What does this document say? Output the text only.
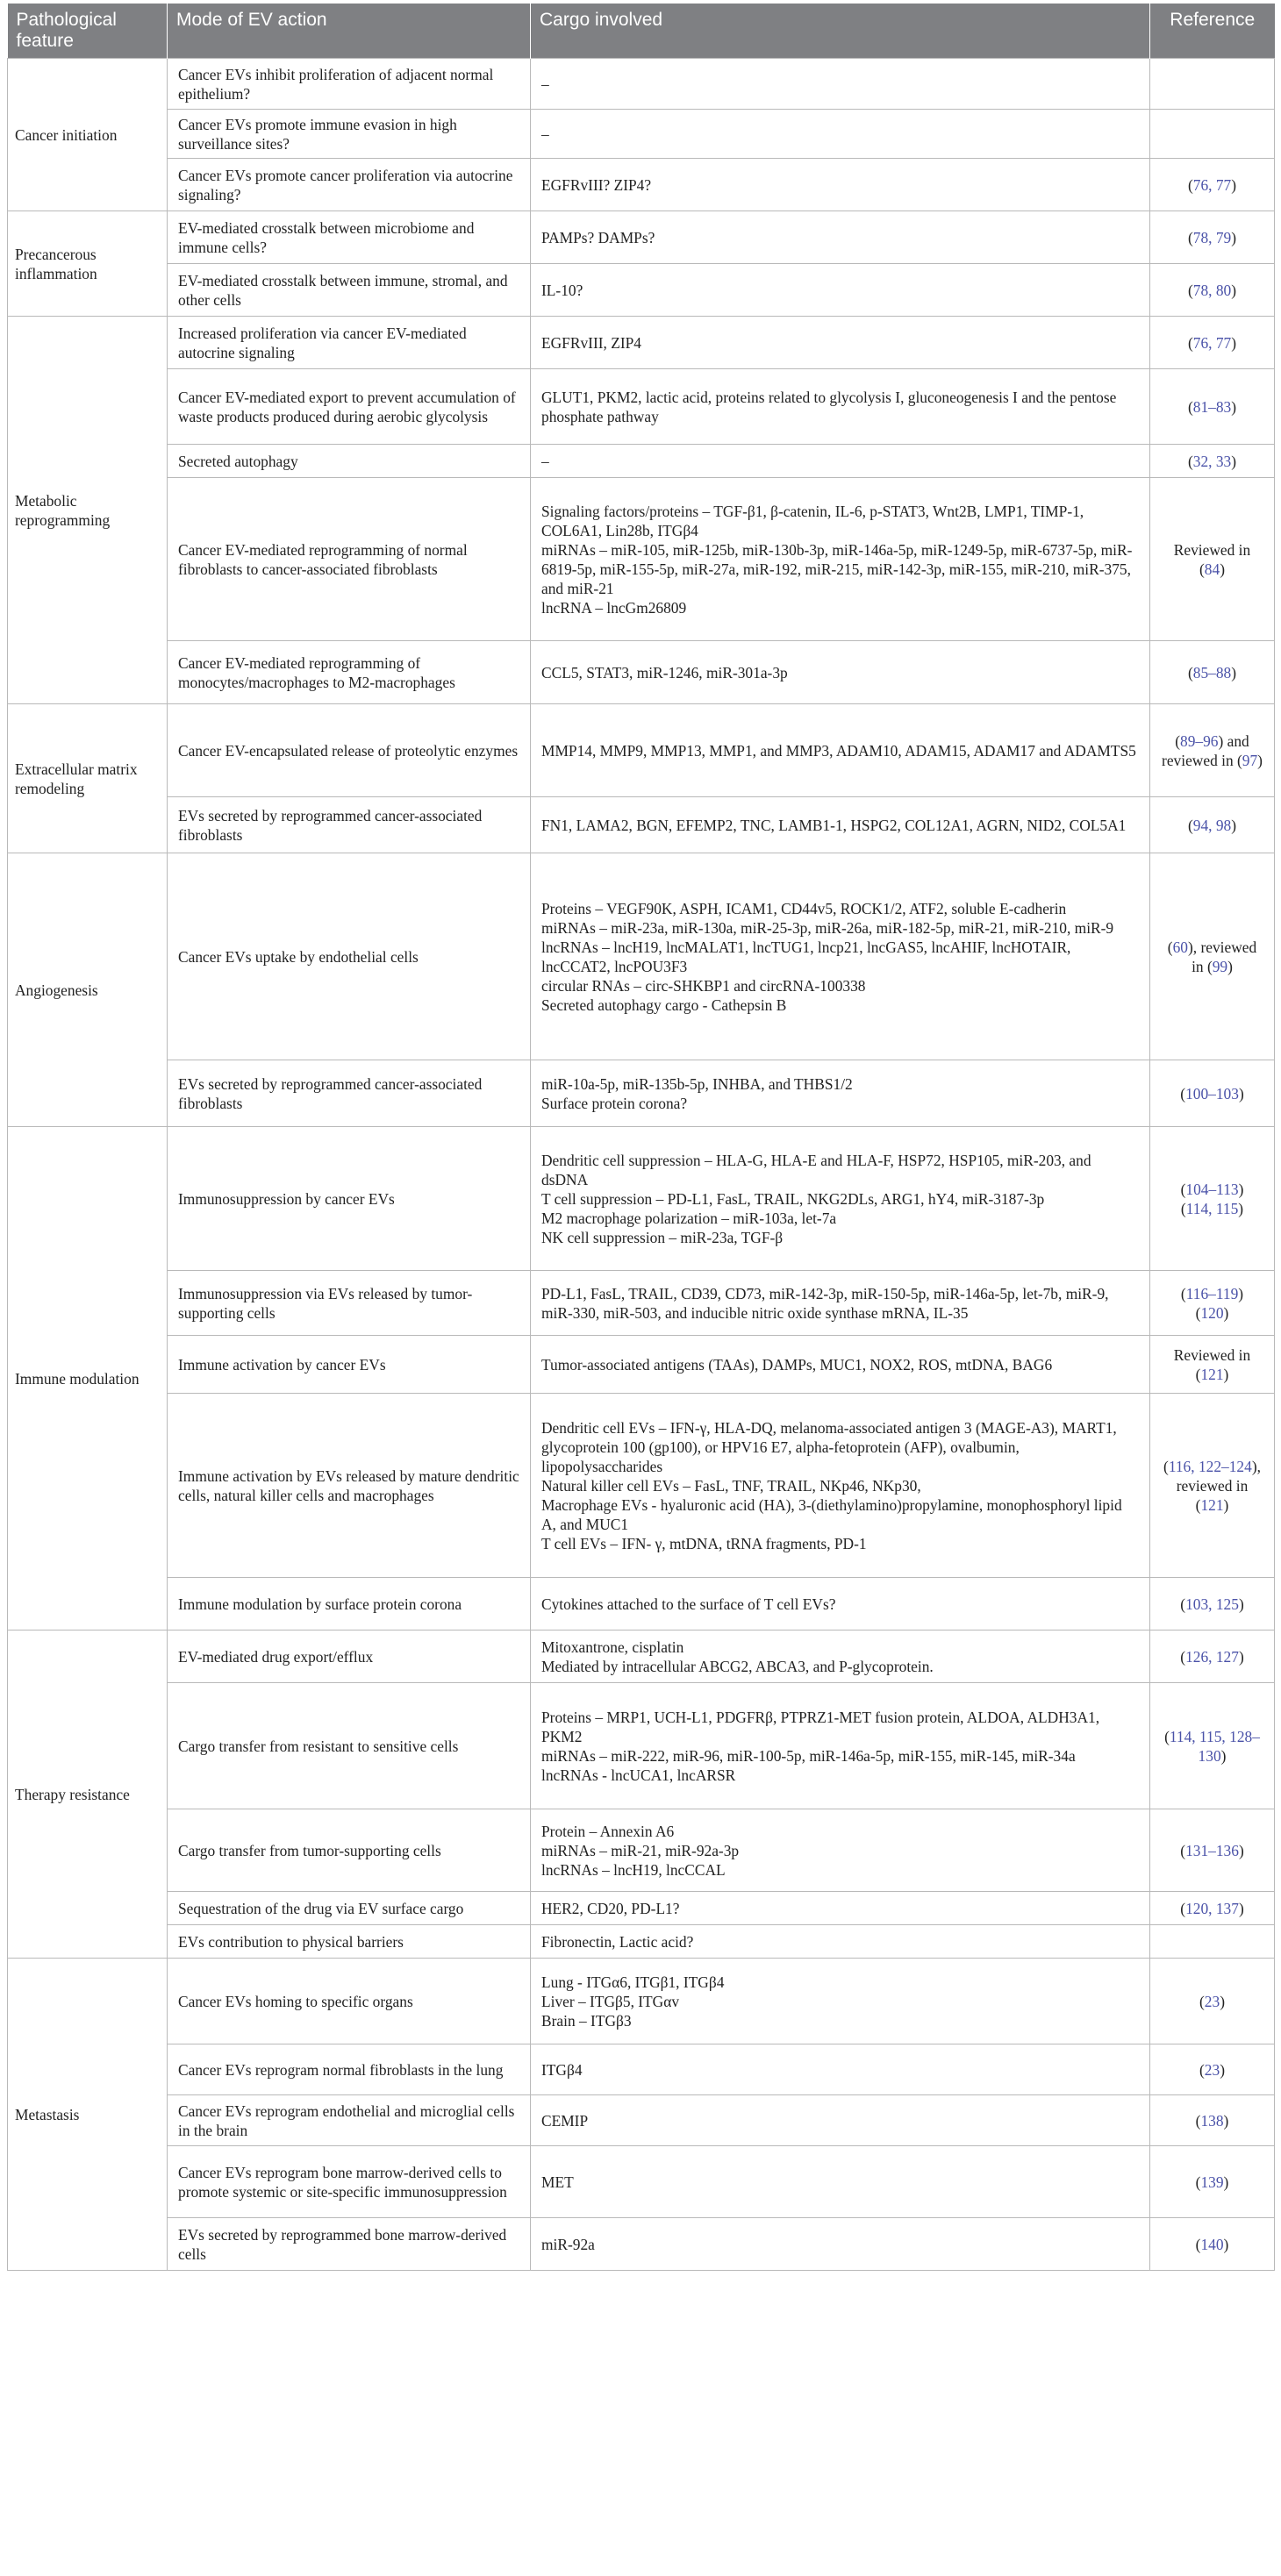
Pathological feature	Mode of EV action	Cargo involved	Reference
Cancer initiation	Cancer EVs inhibit proliferation of adjacent normal epithelium?	–	

	Cancer EVs promote immune evasion in high surveillance sites?	–	

	Cancer EVs promote cancer proliferation via autocrine signaling?	EGFRvIII? ZIP4?	(76, 77)

Precancerous inflammation	EV-mediated crosstalk between microbiome and immune cells?	PAMPs? DAMPs?	(78, 79)

	EV-mediated crosstalk between immune, stromal, and other cells	IL-10?	(78, 80)

Metabolic reprogramming	Increased proliferation via cancer EV-mediated autocrine signaling	EGFRvIII, ZIP4	(76, 77)

	Cancer EV-mediated export to prevent accumulation of waste products produced during aerobic glycolysis	GLUT1, PKM2, lactic acid, proteins related to glycolysis I, gluconeogenesis I and the pentose phosphate pathway	(81–83)

	Secreted autophagy	–	(32, 33)

	Cancer EV-mediated reprogramming of normal fibroblasts to cancer-associated fibroblasts	Signaling factors/proteins – TGF-β1, β-catenin, IL-6, p-STAT3, Wnt2B, LMP1, TIMP-1, COL6A1, Lin28b, ITGβ4
miRNAs – miR-105, miR-125b, miR-130b-3p, miR-146a-5p, miR-1249-5p, miR-6737-5p, miR-6819-5p, miR-155-5p, miR-27a, miR-192, miR-215, miR-142-3p, miR-155, miR-210, miR-375, and miR-21
lncRNA – lncGm26809	Reviewed in (84)

	Cancer EV-mediated reprogramming of monocytes/macrophages to M2-macrophages	CCL5, STAT3, miR-1246, miR-301a-3p	(85–88)

Extracellular matrix remodeling	Cancer EV-encapsulated release of proteolytic enzymes	MMP14, MMP9, MMP13, MMP1, and MMP3, ADAM10, ADAM15, ADAM17 and ADAMTS5	(89–96) and reviewed in (97)

	EVs secreted by reprogrammed cancer-associated fibroblasts	FN1, LAMA2, BGN, EFEMP2, TNC, LAMB1-1, HSPG2, COL12A1, AGRN, NID2, COL5A1	(94, 98)

Angiogenesis	Cancer EVs uptake by endothelial cells	Proteins – VEGF90K, ASPH, ICAM1, CD44v5, ROCK1/2, ATF2, soluble E-cadherin
miRNAs – miR-23a, miR-130a, miR-25-3p, miR-26a, miR-182-5p, miR-21, miR-210, miR-9
lncRNAs – lncH19, lncMALAT1, lncTUG1, lncp21, lncGAS5, lncAHIF, lncHOTAIR, lncCCAT2, lncPOU3F3
circular RNAs – circ-SHKBP1 and circRNA-100338
Secreted autophagy cargo - Cathepsin B	(60), reviewed in (99)

	EVs secreted by reprogrammed cancer-associated fibroblasts	miR-10a-5p, miR-135b-5p, INHBA, and THBS1/2
Surface protein corona?	(100–103)

Immune modulation	Immunosuppression by cancer EVs	Dendritic cell suppression – HLA-G, HLA-E and HLA-F, HSP72, HSP105, miR-203, and dsDNA
T cell suppression – PD-L1, FasL, TRAIL, NKG2DLs, ARG1, hY4, miR-3187-3p
M2 macrophage polarization – miR-103a, let-7a
NK cell suppression – miR-23a, TGF-β	(104–113)
(114, 115)

	Immunosuppression via EVs released by tumor-supporting cells	PD-L1, FasL, TRAIL, CD39, CD73, miR-142-3p, miR-150-5p, miR-146a-5p, let-7b, miR-9, miR-330, miR-503, and inducible nitric oxide synthase mRNA, IL-35	(116–119)
(120)

	Immune activation by cancer EVs	Tumor-associated antigens (TAAs), DAMPs, MUC1, NOX2, ROS, mtDNA, BAG6	Reviewed in (121)

	Immune activation by EVs released by mature dendritic cells, natural killer cells and macrophages	Dendritic cell EVs – IFN-γ, HLA-DQ, melanoma-associated antigen 3 (MAGE-A3), MART1, glycoprotein 100 (gp100), or HPV16 E7, alpha-fetoprotein (AFP), ovalbumin, lipopolysaccharides
Natural killer cell EVs – FasL, TNF, TRAIL, NKp46, NKp30,
Macrophage EVs - hyaluronic acid (HA), 3-(diethylamino)propylamine, monophosphoryl lipid A, and MUC1
T cell EVs – IFN- γ, mtDNA, tRNA fragments, PD-1	(116, 122–124), reviewed in (121)

	Immune modulation by surface protein corona	Cytokines attached to the surface of T cell EVs?	(103, 125)

Therapy resistance	EV-mediated drug export/efflux	Mitoxantrone, cisplatin
Mediated by intracellular ABCG2, ABCA3, and P-glycoprotein.	(126, 127)

	Cargo transfer from resistant to sensitive cells	Proteins – MRP1, UCH-L1, PDGFRβ, PTPRZ1-MET fusion protein, ALDOA, ALDH3A1, PKM2
miRNAs – miR-222, miR-96, miR-100-5p, miR-146a-5p, miR-155, miR-145, miR-34a
lncRNAs - lncUCA1, lncARSR	(114, 115, 128–130)

	Cargo transfer from tumor-supporting cells	Protein – Annexin A6
miRNAs – miR-21, miR-92a-3p
lncRNAs – lncH19, lncCCAL	(131–136)

	Sequestration of the drug via EV surface cargo	HER2, CD20, PD-L1?	(120, 137)

	EVs contribution to physical barriers	Fibronectin, Lactic acid?	

Metastasis	Cancer EVs homing to specific organs	Lung - ITGα6, ITGβ1, ITGβ4
Liver – ITGβ5, ITGαv
Brain – ITGβ3	(23)

	Cancer EVs reprogram normal fibroblasts in the lung	ITGβ4	(23)

	Cancer EVs reprogram endothelial and microglial cells in the brain	CEMIP	(138)

	Cancer EVs reprogram bone marrow-derived cells to promote systemic or site-specific immunosuppression	MET	(139)

	EVs secreted by reprogrammed bone marrow-derived cells	miR-92a	(140)
